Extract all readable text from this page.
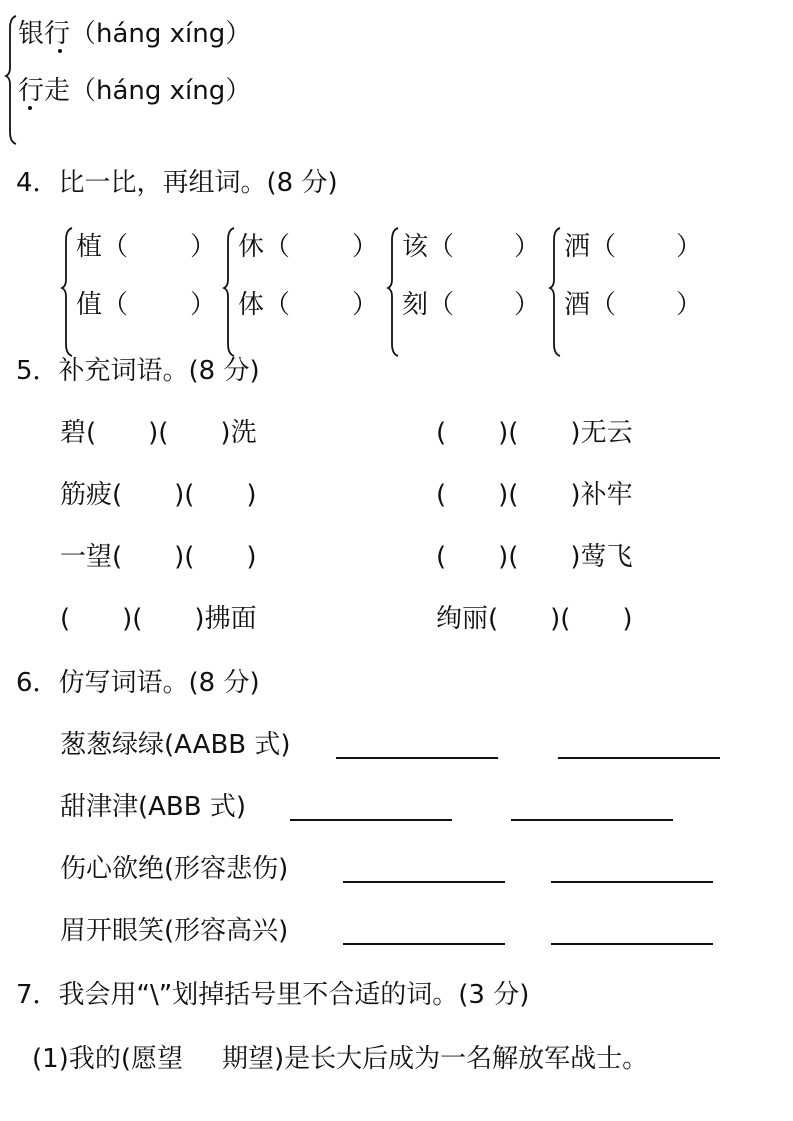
银行 （háng xíng）
行走 （háng xíng）
4．比一比，再组词。(8 分)
植（ ）
值（ ）
休（ ）
体（ ）
该（ ）
刻（ ）
洒（ ）
酒（ ）
5．补充词语。(8 分)
碧(　　)(　　)洗	(　　)(　　)无云
筋疲(　　)(　　)	(　　)(　　)补牢
一望(　　)(　　)	(　　)(　　)莺飞
(　　)(　　)拂面	绚丽(　　)(　　)
6．仿写词语。(8 分)
葱葱绿绿(AABB 式)
甜津津(ABB 式)
伤心欲绝(形容悲伤)
眉开眼笑(形容高兴)
7．我会用“\”划掉括号里不合适的词。(3 分)
(1)我的(愿望 期望)是长大后成为一名解放军战士。
